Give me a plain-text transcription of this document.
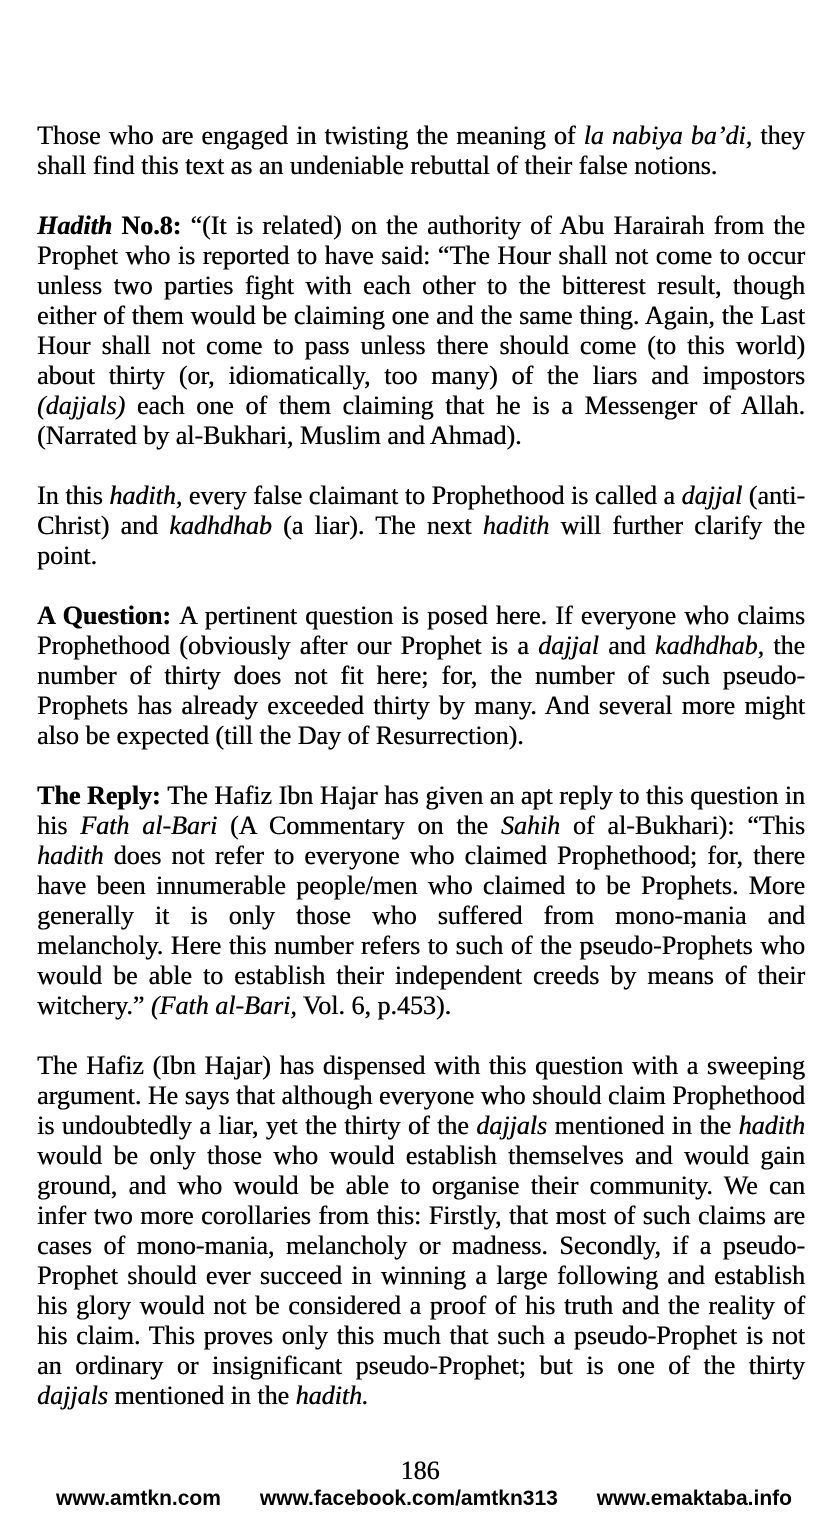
Those who are engaged in twisting the meaning of la nabiya ba’di, they shall find this text as an undeniable rebuttal of their false notions.

Hadith No.8: “(It is related) on the authority of Abu Harairah from the Prophet who is reported to have said: “The Hour shall not come to occur unless two parties fight with each other to the bitterest result, though either of them would be claiming one and the same thing. Again, the Last Hour shall not come to pass unless there should come (to this world) about thirty (or, idiomatically, too many) of the liars and impostors (dajjals) each one of them claiming that he is a Messenger of Allah. (Narrated by al-Bukhari, Muslim and Ahmad).

In this hadith, every false claimant to Prophethood is called a dajjal (anti-Christ) and kadhdhab (a liar). The next hadith will further clarify the point.

A Question: A pertinent question is posed here. If everyone who claims Prophethood (obviously after our Prophet is a dajjal and kadhdhab, the number of thirty does not fit here; for, the number of such pseudo-Prophets has already exceeded thirty by many. And several more might also be expected (till the Day of Resurrection).

The Reply: The Hafiz Ibn Hajar has given an apt reply to this question in his Fath al-Bari (A Commentary on the Sahih of al-Bukhari): “This hadith does not refer to everyone who claimed Prophethood; for, there have been innumerable people/men who claimed to be Prophets. More generally it is only those who suffered from mono-mania and melancholy. Here this number refers to such of the pseudo-Prophets who would be able to establish their independent creeds by means of their witchery.” (Fath al-Bari, Vol. 6, p.453).

The Hafiz (Ibn Hajar) has dispensed with this question with a sweeping argument. He says that although everyone who should claim Prophethood is undoubtedly a liar, yet the thirty of the dajjals mentioned in the hadith would be only those who would establish themselves and would gain ground, and who would be able to organise their community. We can infer two more corollaries from this: Firstly, that most of such claims are cases of mono-mania, melancholy or madness. Secondly, if a pseudo-Prophet should ever succeed in winning a large following and establish his glory would not be considered a proof of his truth and the reality of his claim. This proves only this much that such a pseudo-Prophet is not an ordinary or insignificant pseudo-Prophet; but is one of the thirty dajjals mentioned in the hadith.

186
www.amtkn.com www.facebook.com/amtkn313 www.emaktaba.info
